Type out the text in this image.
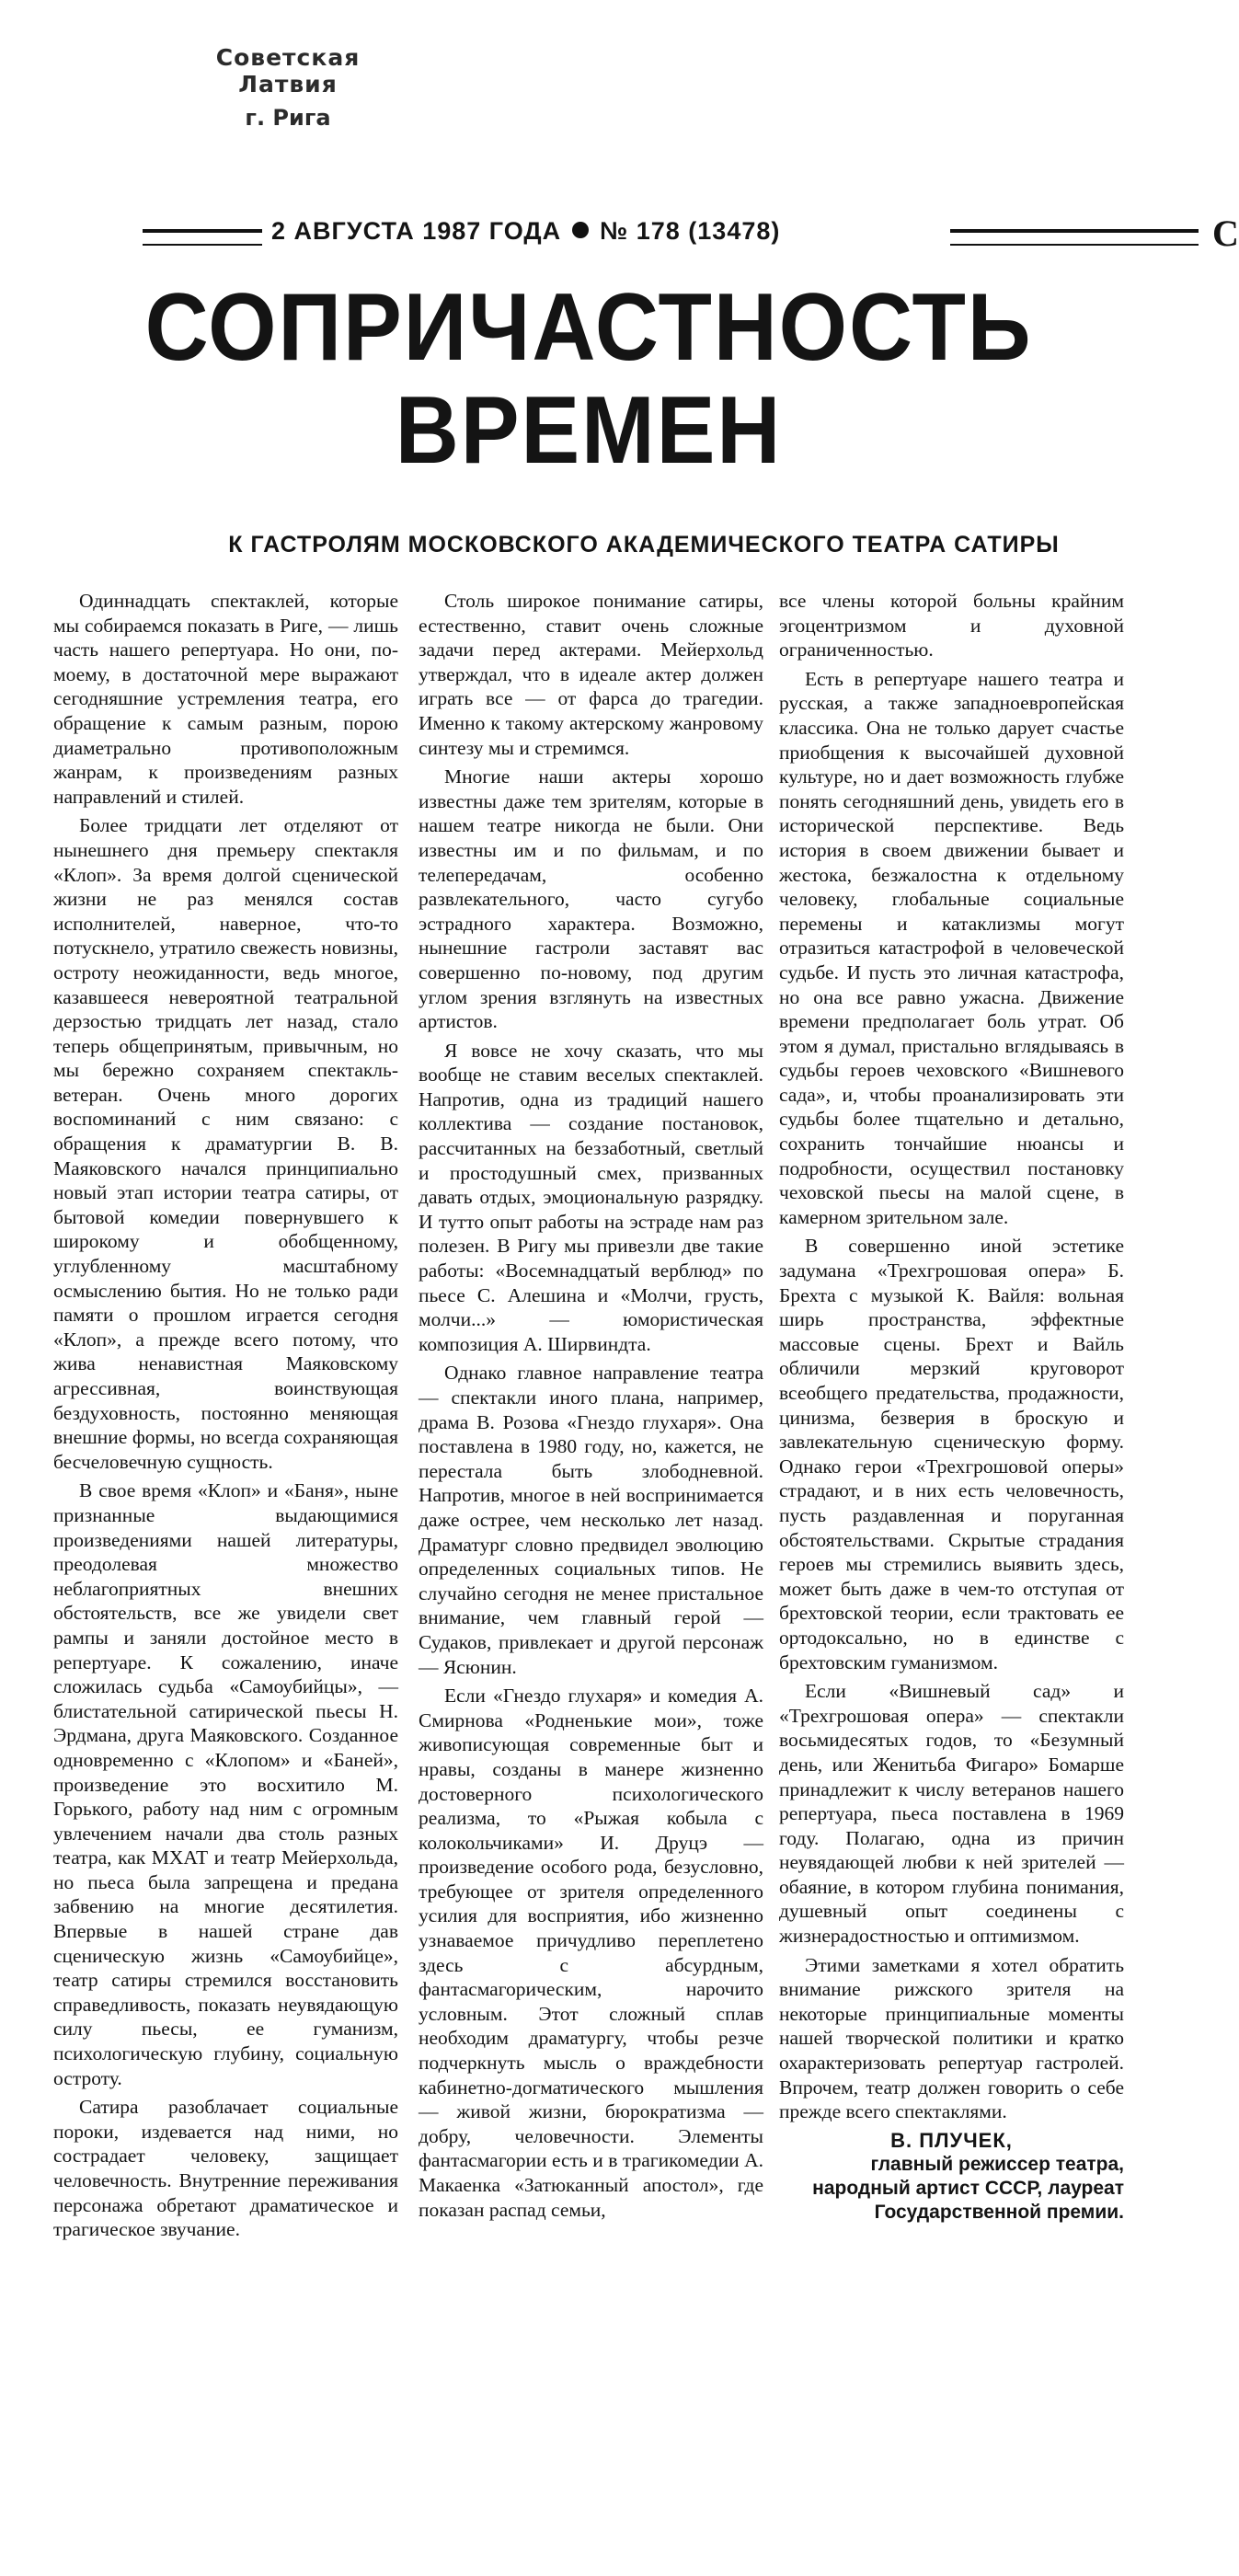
Советская Латвия
г. Рига
2 АВГУСТА 1987 ГОДА № 178 (13478)	С
СОПРИЧАСТНОСТЬ
ВРЕМЕН
К ГАСТРОЛЯМ МОСКОВСКОГО АКАДЕМИЧЕСКОГО ТЕАТРА САТИРЫ

Одиннадцать спектаклей, которые мы собираемся показать в Риге, — лишь часть нашего репертуара. Но они, по-моему, в достаточной мере выражают сегодняшние устремления театра, его обращение к самым разным, порою диаметрально противоположным жанрам, к произведениям разных направлений и стилей.

Более тридцати лет отделяют от нынешнего дня премьеру спектакля «Клоп». За время долгой сценической жизни не раз менялся состав исполнителей, наверное, что-то потускнело, утратило свежесть новизны, остроту неожиданности, ведь многое, казавшееся невероятной театральной дерзостью тридцать лет назад, стало теперь общепринятым, привычным, но мы бережно сохраняем спектакль-ветеран. Очень много дорогих воспоминаний с ним связано: с обращения к драматургии В. В. Маяковского начался принципиально новый этап истории театра сатиры, от бытовой комедии повернувшего к широкому и обобщенному, углубленному масштабному осмыслению бытия. Но не только ради памяти о прошлом играется сегодня «Клоп», а прежде всего потому, что жива ненавистная Маяковскому агрессивная, воинствующая бездуховность, постоянно меняющая внешние формы, но всегда сохраняющая бесчеловечную сущность.

В свое время «Клоп» и «Баня», ныне признанные выдающимися произведениями нашей литературы, преодолевая множество неблагоприятных внешних обстоятельств, все же увидели свет рампы и заняли достойное место в репертуаре. К сожалению, иначе сложилась судьба «Самоубийцы», — блистательной сатирической пьесы Н. Эрдмана, друга Маяковского. Созданное одновременно с «Клопом» и «Баней», произведение это восхитило М. Горького, работу над ним с огромным увлечением начали два столь разных театра, как МХАТ и театр Мейерхольда, но пьеса была запрещена и предана забвению на многие десятилетия. Впервые в нашей стране дав сценическую жизнь «Самоубийце», театр сатиры стремился восстановить справедливость, показать неувядающую силу пьесы, ее гуманизм, психологическую глубину, социальную остроту.

Сатира разоблачает социальные пороки, издевается над ними, но сострадает человеку, защищает человечность. Внутренние переживания персонажа обретают драматическое и трагическое звучание.

Столь широкое понимание сатиры, естественно, ставит очень сложные задачи перед актерами. Мейерхольд утверждал, что в идеале актер должен играть все — от фарса до трагедии. Именно к такому актерскому жанровому синтезу мы и стремимся.

Многие наши актеры хорошо известны даже тем зрителям, которые в нашем театре никогда не были. Они известны им и по фильмам, и по телепередачам, особенно развлекательного, часто сугубо эстрадного характера. Возможно, нынешние гастроли заставят вас совершенно по-новому, под другим углом зрения взглянуть на известных артистов.

Я вовсе не хочу сказать, что мы вообще не ставим веселых спектаклей. Напротив, одна из традиций нашего коллектива — создание постановок, рассчитанных на беззаботный, светлый и простодушный смех, призванных давать отдых, эмоциональную разрядку. И тутто опыт работы на эстраде нам раз полезен. В Ригу мы привезли две такие работы: «Восемнадцатый верблюд» по пьесе С. Алешина и «Молчи, грусть, молчи...» — юмористическая композиция А. Ширвиндта.

Однако главное направление театра — спектакли иного плана, например, драма В. Розова «Гнездо глухаря». Она поставлена в 1980 году, но, кажется, не перестала быть злободневной. Напротив, многое в ней воспринимается даже острее, чем несколько лет назад. Драматург словно предвидел эволюцию определенных социальных типов. Не случайно сегодня не менее пристальное внимание, чем главный герой — Судаков, привлекает и другой персонаж — Ясюнин.

Если «Гнездо глухаря» и комедия А. Смирнова «Родненькие мои», тоже живописующая современные быт и нравы, созданы в манере жизненно достоверного психологического реализма, то «Рыжая кобыла с колокольчиками» И. Друцэ — произведение особого рода, безусловно, требующее от зрителя определенного усилия для восприятия, ибо жизненно узнаваемое причудливо переплетено здесь с абсурдным, фантасмагорическим, нарочито условным. Этот сложный сплав необходим драматургу, чтобы резче подчеркнуть мысль о враждебности кабинетно-догматического мышления — живой жизни, бюрократизма — добру, человечности. Элементы фантасмагории есть и в трагикомедии А. Макаенка «Затюканный апостол», где показан распад семьи,

все члены которой больны крайним эгоцентризмом и духовной ограниченностью.

Есть в репертуаре нашего театра и русская, а также западноевропейская классика. Она не только дарует счастье приобщения к высочайшей духовной культуре, но и дает возможность глубже понять сегодняшний день, увидеть его в исторической перспективе. Ведь история в своем движении бывает и жестока, безжалостна к отдельному человеку, глобальные социальные перемены и катаклизмы могут отразиться катастрофой в человеческой судьбе. И пусть это личная катастрофа, но она все равно ужасна. Движение времени предполагает боль утрат. Об этом я думал, пристально вглядываясь в судьбы героев чеховского «Вишневого сада», и, чтобы проанализировать эти судьбы более тщательно и детально, сохранить тончайшие нюансы и подробности, осуществил постановку чеховской пьесы на малой сцене, в камерном зрительном зале.

В совершенно иной эстетике задумана «Трехгрошовая опера» Б. Брехта с музыкой К. Вайля: вольная ширь пространства, эффектные массовые сцены. Брехт и Вайль обличили мерзкий круговорот всеобщего предательства, продажности, цинизма, безверия в броскую и завлекательную сценическую форму. Однако герои «Трехгрошовой оперы» страдают, и в них есть человечность, пусть раздавленная и поруганная обстоятельствами. Скрытые страдания героев мы стремились выявить здесь, может быть даже в чем-то отступая от брехтовской теории, если трактовать ее ортодоксально, но в единстве с брехтовским гуманизмом.

Если «Вишневый сад» и «Трехгрошовая опера» — спектакли восьмидесятых годов, то «Безумный день, или Женитьба Фигаро» Бомарше принадлежит к числу ветеранов нашего репертуара, пьеса поставлена в 1969 году. Полагаю, одна из причин неувядающей любви к ней зрителей — обаяние, в котором глубина понимания, душевный опыт соединены с жизнерадостностью и оптимизмом.

Этими заметками я хотел обратить внимание рижского зрителя на некоторые принципиальные моменты нашей творческой политики и кратко охарактеризовать репертуар гастролей. Впрочем, театр должен говорить о себе прежде всего спектаклями.

В. ПЛУЧЕК,
главный режиссер театра, народный артист СССР, лауреат Государственной премии.
